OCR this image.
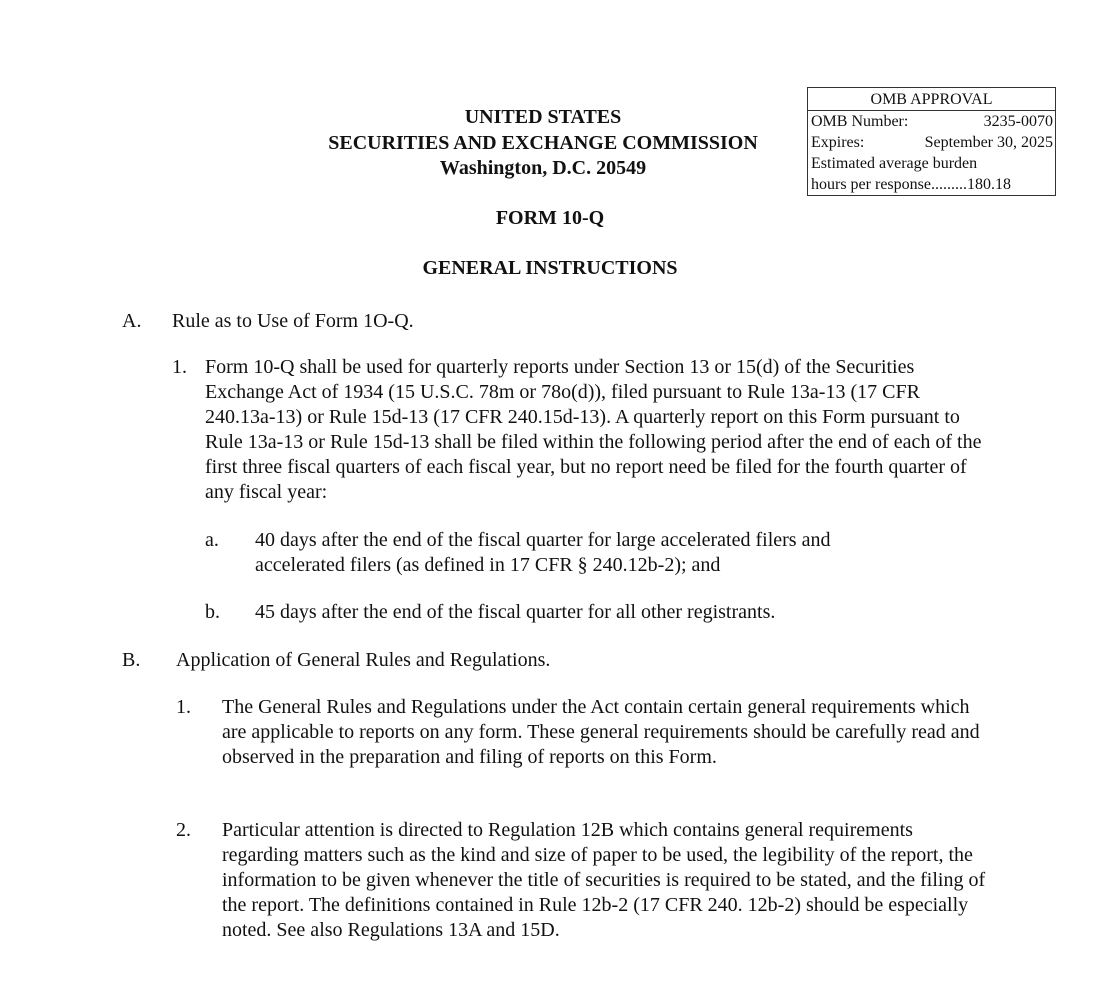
OMB APPROVAL
OMB Number:	3235-0070
Expires:	September 30, 2025
Estimated average burden
hours per response ......... 180.18
UNITED STATES
SECURITIES AND EXCHANGE COMMISSION
Washington, D.C. 20549
FORM 10-Q
GENERAL INSTRUCTIONS
A. Rule as to Use of Form 1O-Q.
1. Form 10-Q shall be used for quarterly reports under Section 13 or 15(d) of the Securities Exchange Act of 1934 (15 U.S.C. 78m or 78o(d)), filed pursuant to Rule 13a-13 (17 CFR 240.13a-13) or Rule 15d-13 (17 CFR 240.15d-13). A quarterly report on this Form pursuant to Rule 13a-13 or Rule 15d-13 shall be filed within the following period after the end of each of the first three fiscal quarters of each fiscal year, but no report need be filed for the fourth quarter of any fiscal year:

a. 40 days after the end of the fiscal quarter for large accelerated filers and accelerated filers (as defined in 17 CFR § 240.12b-2); and

b. 45 days after the end of the fiscal quarter for all other registrants.

B. Application of General Rules and Regulations.
1. The General Rules and Regulations under the Act contain certain general requirements which are applicable to reports on any form. These general requirements should be carefully read and observed in the preparation and filing of reports on this Form.

2. Particular attention is directed to Regulation 12B which contains general requirements regarding matters such as the kind and size of paper to be used, the legibility of the report, the information to be given whenever the title of securities is required to be stated, and the filing of the report. The definitions contained in Rule 12b-2 (17 CFR 240. 12b-2) should be especially noted. See also Regulations 13A and 15D.
